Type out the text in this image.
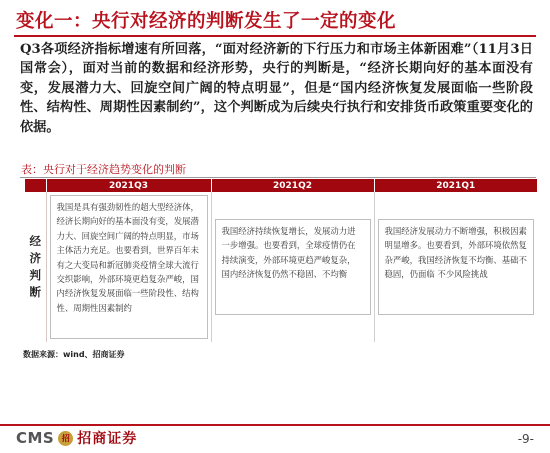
变化一：央行对经济的判断发生了一定的变化
Q3各项经济指标增速有所回落，“面对经济新的下行压力和市场主体新困难”（11月3日国常会），面对当前的数据和经济形势，央行的判断是，“经济长期向好的基本面没有变，发展潜力大、回旋空间广阔的特点明显”，但是“国内经济恢复发展面临一些阶段性、结构性、周期性因素制约”，这个判断成为后续央行执行和安排货币政策重要变化的依据。
表：央行对于经济趋势变化的判断
	2021Q3	2021Q2	2021Q1
经济判断	我国是具有强劲韧性的超大型经济体，经济长期向好的基本面没有变，发展潜力大、回旋空间广阔的特点明显，市场主体活力充足。也要看到，世界百年未有之大变局和新冠肺炎疫情全球大流行交织影响，外部环境更趋复杂严峻，国内经济恢复发展面临一些阶段性、结构性、周期性因素制约	我国经济持续恢复增长，发展动力进一步增强。也要看到，全球疫情仍在持续演变，外部环境更趋严峻复杂，国内经济恢复仍然不稳固、不均衡	我国经济发展动力不断增强，积极因素明显增多。也要看到，外部环境依然复杂严峻，我国经济恢复不均衡、基础不稳固，仍面临 不少风险挑战
数据来源：wind、招商证券
CMS 招 招商证券	-9-
